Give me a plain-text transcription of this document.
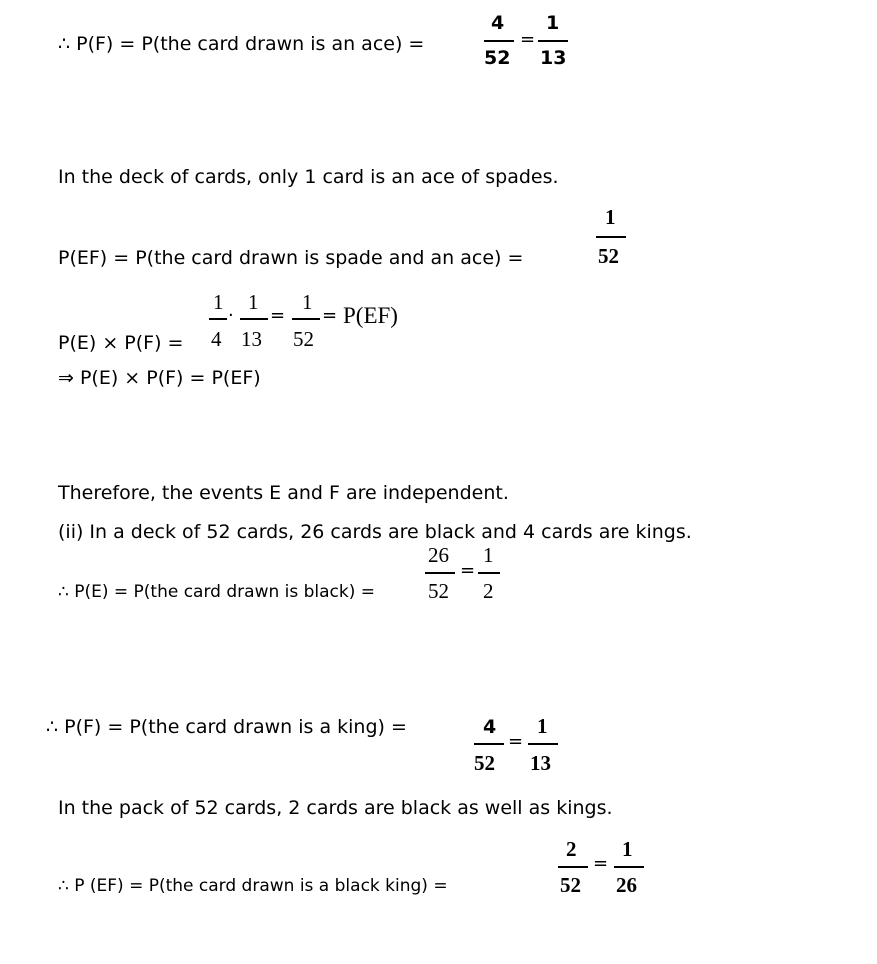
∴ P(F) = P(the card drawn is an ace) =
4
52
=
1
13
In the deck of cards, only 1 card is an ace of spades.
1
P(EF) = P(the card drawn is spade and an ace) =	52
1
·
1
=
1
= P(EF)
P(E) × P(F) = 4 13 52
⇒ P(E) × P(F) = P(EF)
Therefore, the events E and F are independent.
(ii) In a deck of 52 cards, 26 cards are black and 4 cards are kings.
26
=
1
∴ P(E) = P(the card drawn is black) =	52 2
∴ P(F) = P(the card drawn is a king) =	4
=
1
52 13
In the pack of 52 cards, 2 cards are black as well as kings.
2
=
1
∴ P (EF) = P(the card drawn is a black king) =	52 26
